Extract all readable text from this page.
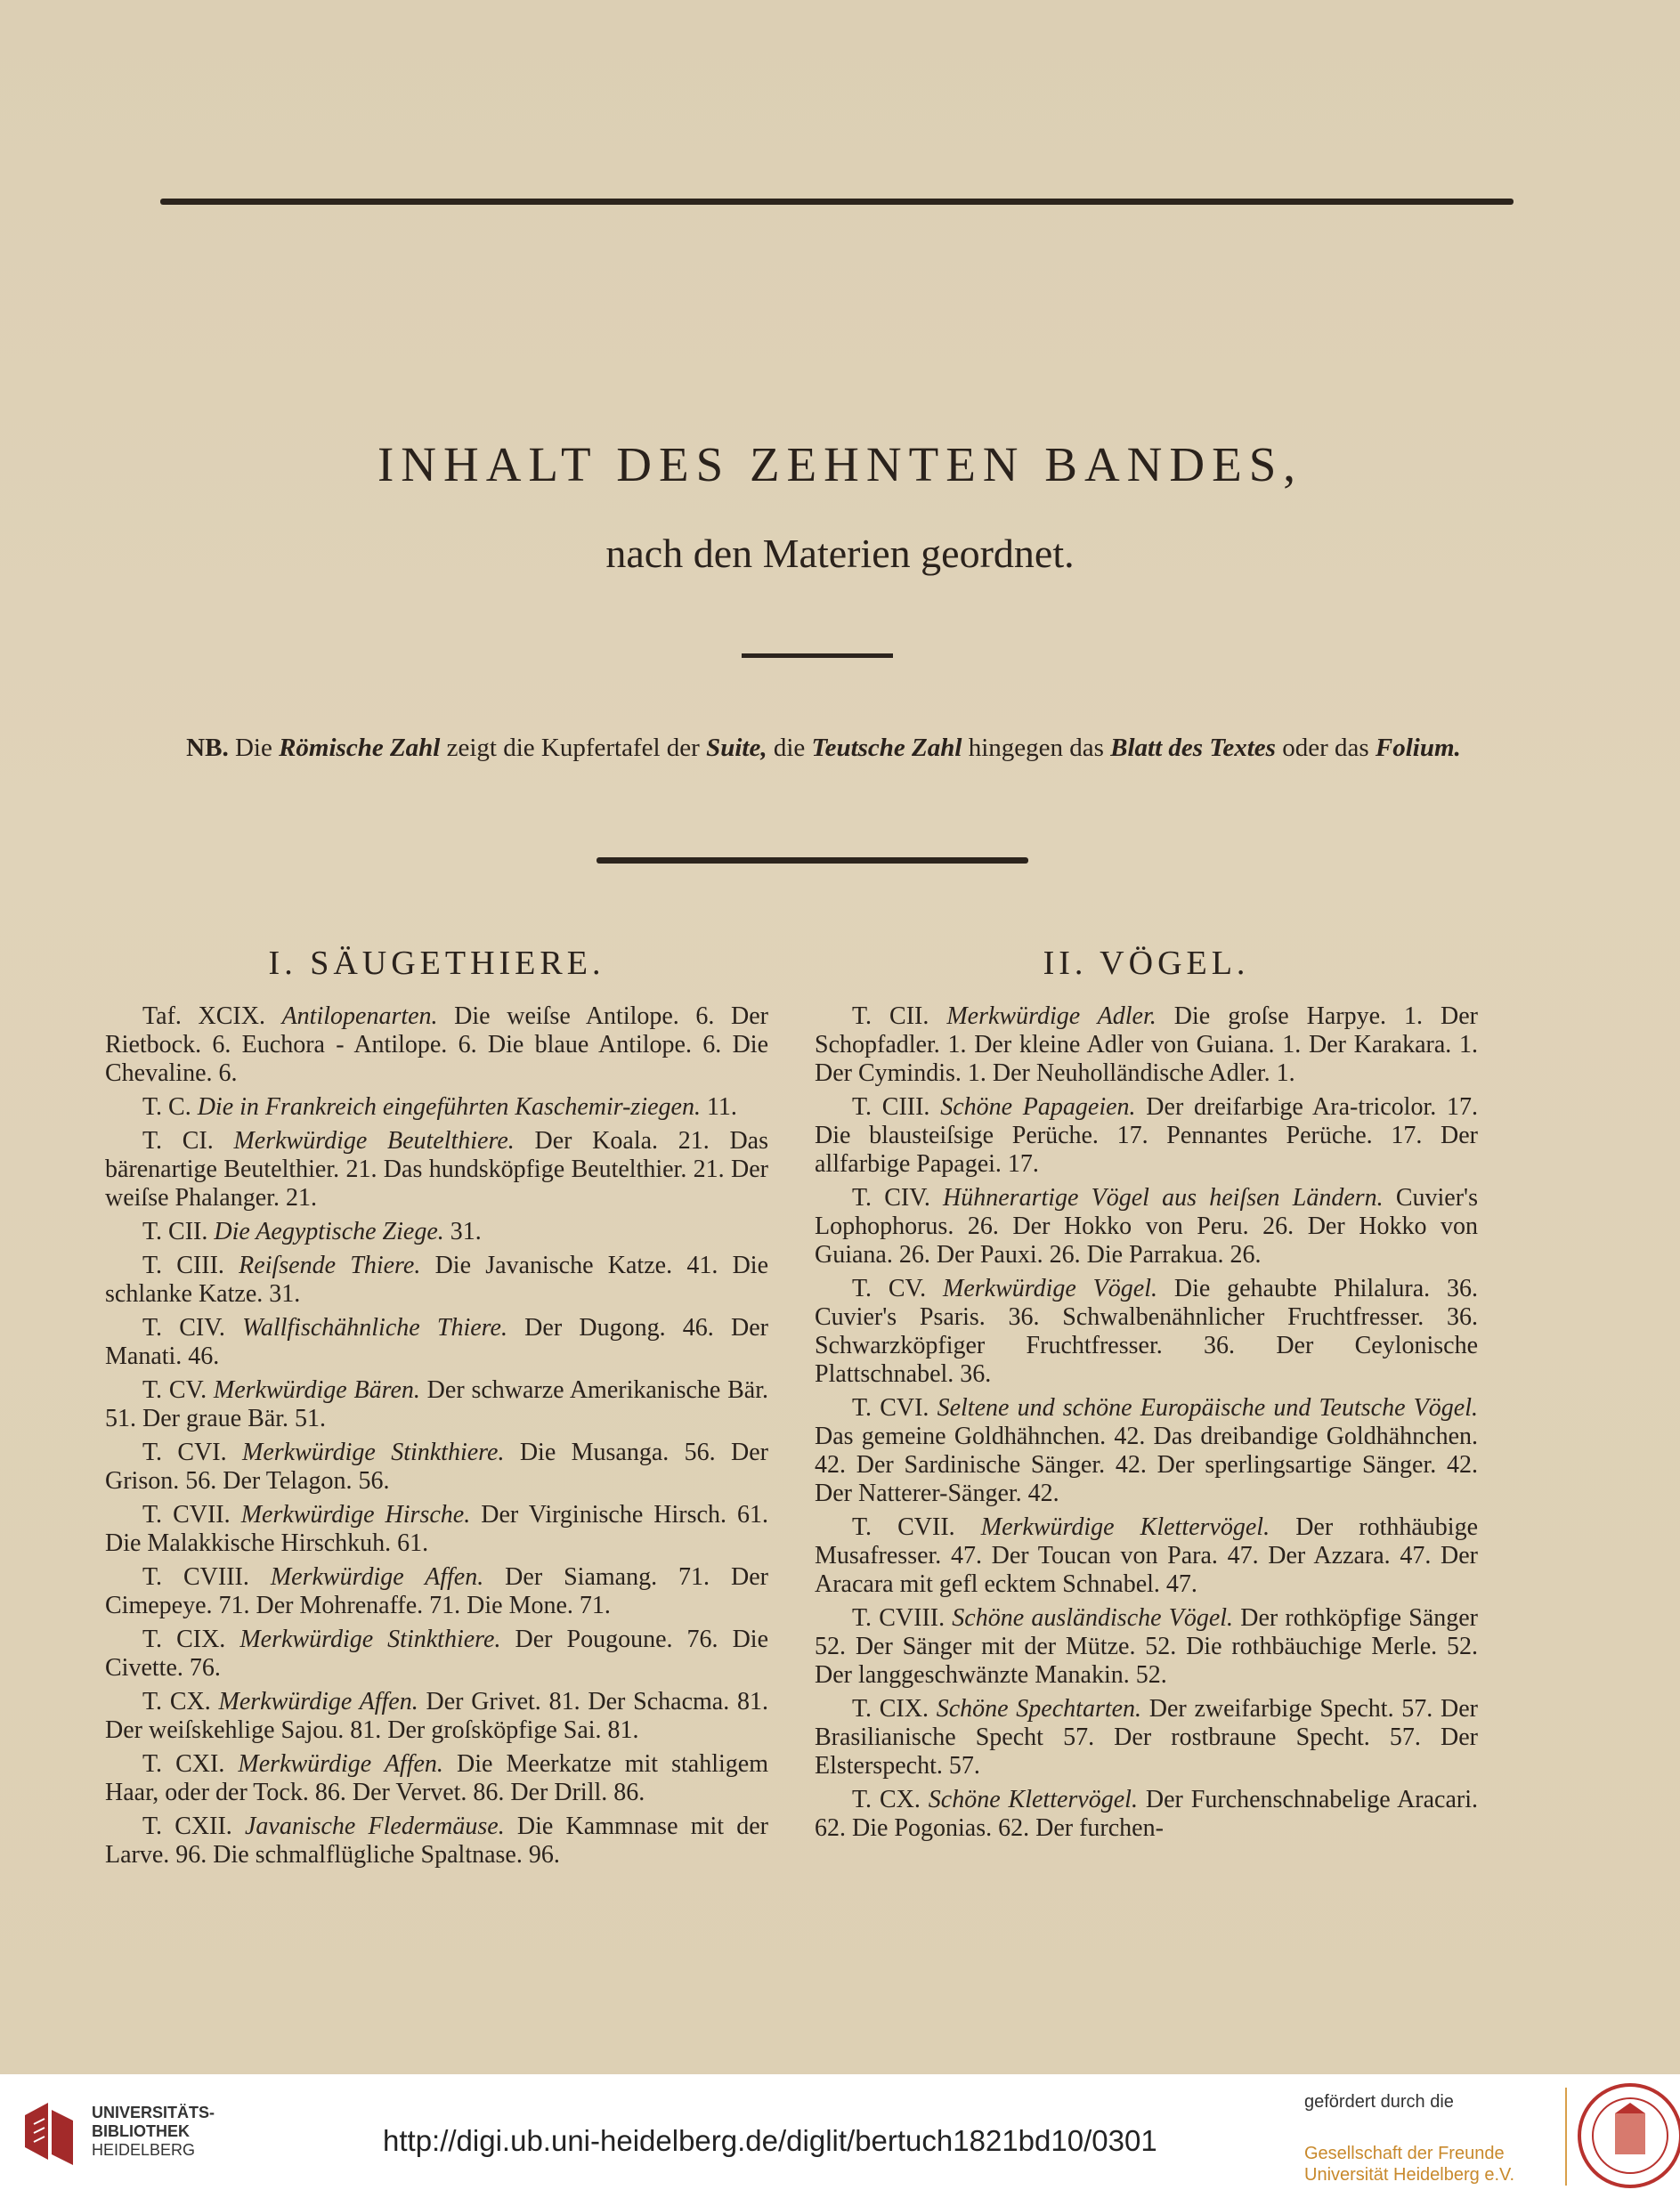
INHALT DES ZEHNTEN BANDES,
nach den Materien geordnet.
NB. Die Römische Zahl zeigt die Kupfertafel der Suite, die Teutsche Zahl hingegen das Blatt des Textes oder das Folium.
I. SÄUGETHIERE.

Taf. XCIX. Antilopenarten. Die weiſse Antilope. 6. Der Rietbock. 6. Euchora - Antilope. 6. Die blaue Antilope. 6. Die Chevaline. 6.

T. C. Die in Frankreich eingeführten Kaschemir-ziegen. 11.

T. CI. Merkwürdige Beutelthiere. Der Koala. 21. Das bärenartige Beutelthier. 21. Das hundsköpfige Beutelthier. 21. Der weiſse Phalanger. 21.

T. CII. Die Aegyptische Ziege. 31.

T. CIII. Reiſsende Thiere. Die Javanische Katze. 41. Die schlanke Katze. 31.

T. CIV. Wallfischähnliche Thiere. Der Dugong. 46. Der Manati. 46.

T. CV. Merkwürdige Bären. Der schwarze Amerikanische Bär. 51. Der graue Bär. 51.

T. CVI. Merkwürdige Stinkthiere. Die Musanga. 56. Der Grison. 56. Der Telagon. 56.

T. CVII. Merkwürdige Hirsche. Der Virginische Hirsch. 61. Die Malakkische Hirschkuh. 61.

T. CVIII. Merkwürdige Affen. Der Siamang. 71. Der Cimepeye. 71. Der Mohrenaffe. 71. Die Mone. 71.

T. CIX. Merkwürdige Stinkthiere. Der Pougoune. 76. Die Civette. 76.

T. CX. Merkwürdige Affen. Der Grivet. 81. Der Schacma. 81. Der weiſskehlige Sajou. 81. Der groſsköpfige Sai. 81.

T. CXI. Merkwürdige Affen. Die Meerkatze mit stahligem Haar, oder der Tock. 86. Der Vervet. 86. Der Drill. 86.

T. CXII. Javanische Fledermäuse. Die Kammnase mit der Larve. 96. Die schmalflügliche Spaltnase. 96.

II. VÖGEL.

T. CII. Merkwürdige Adler. Die groſse Harpye. 1. Der Schopfadler. 1. Der kleine Adler von Guiana. 1. Der Karakara. 1. Der Cymindis. 1. Der Neuholländische Adler. 1.

T. CIII. Schöne Papageien. Der dreifarbige Ara-tricolor. 17. Die blausteiſsige Perüche. 17. Pennantes Perüche. 17. Der allfarbige Papagei. 17.

T. CIV. Hühnerartige Vögel aus heiſsen Ländern. Cuvier's Lophophorus. 26. Der Hokko von Peru. 26. Der Hokko von Guiana. 26. Der Pauxi. 26. Die Parrakua. 26.

T. CV. Merkwürdige Vögel. Die gehaubte Philalura. 36. Cuvier's Psaris. 36. Schwalbenähnlicher Fruchtfresser. 36. Schwarzköpfiger Fruchtfresser. 36. Der Ceylonische Plattschnabel. 36.

T. CVI. Seltene und schöne Europäische und Teutsche Vögel. Das gemeine Goldhähnchen. 42. Das dreibandige Goldhähnchen. 42. Der Sardinische Sänger. 42. Der sperlingsartige Sänger. 42. Der Natterer-Sänger. 42.

T. CVII. Merkwürdige Klettervögel. Der rothhäubige Musafresser. 47. Der Toucan von Para. 47. Der Azzara. 47. Der Aracara mit gefl ecktem Schnabel. 47.

T. CVIII. Schöne ausländische Vögel. Der rothköpfige Sänger 52. Der Sänger mit der Mütze. 52. Die rothbäuchige Merle. 52. Der langgeschwänzte Manakin. 52.

T. CIX. Schöne Spechtarten. Der zweifarbige Specht. 57. Der Brasilianische Specht 57. Der rostbraune Specht. 57. Der Elsterspecht. 57.

T. CX. Schöne Klettervögel. Der Furchenschnabelige Aracari. 62. Die Pogonias. 62. Der furchen-

UNIVERSITÄTS-
BIBLIOTHEK
HEIDELBERG	http://digi.ub.uni-heidelberg.de/diglit/bertuch1821bd10/0301
gefördert durch die
Gesellschaft der Freunde
Universität Heidelberg e.V.
